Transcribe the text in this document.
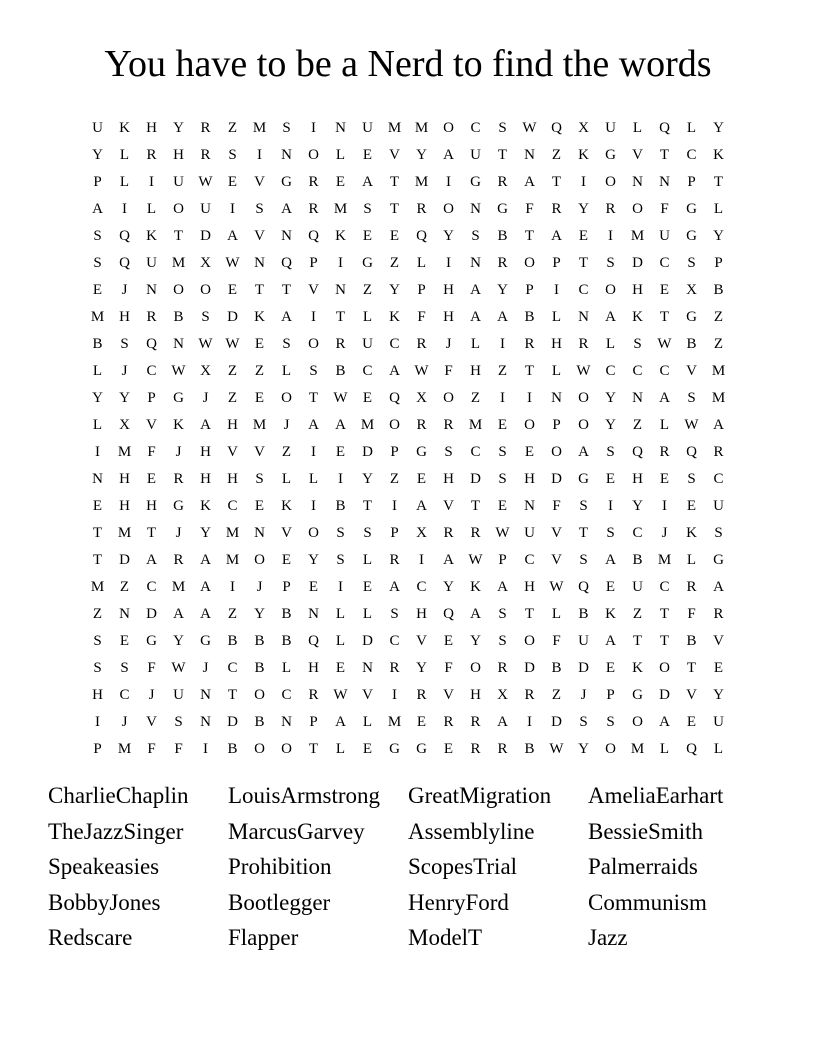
You have to be a Nerd to find the words
U	K	H	Y	R	Z	M	S	I	N	U	M	M	O	C	S	W	Q	X	U	L	Q	L	Y
Y	L	R	H	R	S	I	N	O	L	E	V	Y	A	U	T	N	Z	K	G	V	T	C	K
P	L	I	U	W	E	V	G	R	E	A	T	M	I	G	R	A	T	I	O	N	N	P	T
A	I	L	O	U	I	S	A	R	M	S	T	R	O	N	G	F	R	Y	R	O	F	G	L
S	Q	K	T	D	A	V	N	Q	K	E	E	Q	Y	S	B	T	A	E	I	M	U	G	Y
S	Q	U	M	X	W	N	Q	P	I	G	Z	L	I	N	R	O	P	T	S	D	C	S	P
E	J	N	O	O	E	T	T	V	N	Z	Y	P	H	A	Y	P	I	C	O	H	E	X	B
M	H	R	B	S	D	K	A	I	T	L	K	F	H	A	A	B	L	N	A	K	T	G	Z
B	S	Q	N	W	W	E	S	O	R	U	C	R	J	L	I	R	H	R	L	S	W	B	Z
L	J	C	W	X	Z	Z	L	S	B	C	A	W	F	H	Z	T	L	W	C	C	C	V	M
Y	Y	P	G	J	Z	E	O	T	W	E	Q	X	O	Z	I	I	N	O	Y	N	A	S	M
L	X	V	K	A	H	M	J	A	A	M	O	R	R	M	E	O	P	O	Y	Z	L	W	A
I	M	F	J	H	V	V	Z	I	E	D	P	G	S	C	S	E	O	A	S	Q	R	Q	R
N	H	E	R	H	H	S	L	L	I	Y	Z	E	H	D	S	H	D	G	E	H	E	S	C
E	H	H	G	K	C	E	K	I	B	T	I	A	V	T	E	N	F	S	I	Y	I	E	U
T	M	T	J	Y	M	N	V	O	S	S	P	X	R	R	W	U	V	T	S	C	J	K	S
T	D	A	R	A	M	O	E	Y	S	L	R	I	A	W	P	C	V	S	A	B	M	L	G
M	Z	C	M	A	I	J	P	E	I	E	A	C	Y	K	A	H	W	Q	E	U	C	R	A
Z	N	D	A	A	Z	Y	B	N	L	L	S	H	Q	A	S	T	L	B	K	Z	T	F	R
S	E	G	Y	G	B	B	B	Q	L	D	C	V	E	Y	S	O	F	U	A	T	T	B	V
S	S	F	W	J	C	B	L	H	E	N	R	Y	F	O	R	D	B	D	E	K	O	T	E
H	C	J	U	N	T	O	C	R	W	V	I	R	V	H	X	R	Z	J	P	G	D	V	Y
I	J	V	S	N	D	B	N	P	A	L	M	E	R	R	A	I	D	S	S	O	A	E	U
P	M	F	F	I	B	O	O	T	L	E	G	G	E	R	R	B	W	Y	O	M	L	Q	L
CharlieChaplin	LouisArmstrong	GreatMigration	AmeliaEarhart
TheJazzSinger	MarcusGarvey	Assemblyline	BessieSmith
Speakeasies	Prohibition	ScopesTrial	Palmerraids
BobbyJones	Bootlegger	HenryFord	Communism
Redscare	Flapper	ModelT	Jazz
